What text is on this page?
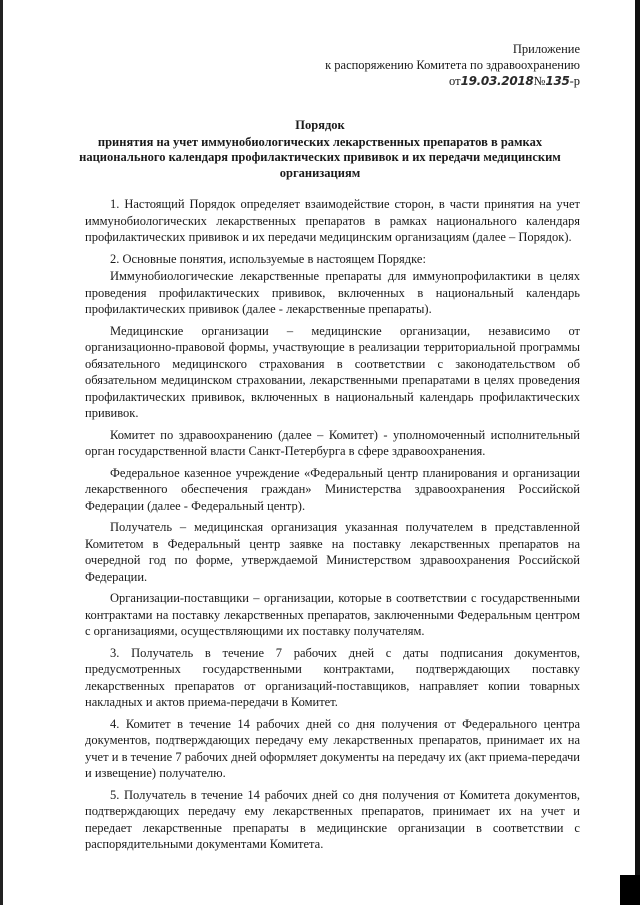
Приложение
к распоряжению Комитета по здравоохранению
от19.03.2018№135-р
Порядок
принятия на учет иммунобиологических лекарственных препаратов в рамках национального календаря профилактических прививок и их передачи медицинским организациям

1. Настоящий Порядок определяет взаимодействие сторон, в части принятия на учет иммунобиологических лекарственных препаратов в рамках национального календаря профилактических прививок и их передачи медицинским организациям (далее – Порядок).

2. Основные понятия, используемые в настоящем Порядке:

Иммунобиологические лекарственные препараты для иммунопрофилактики в целях проведения профилактических прививок, включенных в национальный календарь профилактических прививок (далее - лекарственные препараты).

Медицинские организации – медицинские организации, независимо от организационно-правовой формы, участвующие в реализации территориальной программы обязательного медицинского страхования в соответствии с законодательством об обязательном медицинском страховании, лекарственными препаратами в целях проведения профилактических прививок, включенных в национальный календарь профилактических прививок.

Комитет по здравоохранению (далее – Комитет) - уполномоченный исполнительный орган государственной власти Санкт-Петербурга в сфере здравоохранения.

Федеральное казенное учреждение «Федеральный центр планирования и организации лекарственного обеспечения граждан» Министерства здравоохранения Российской Федерации (далее - Федеральный центр).

Получатель – медицинская организация указанная получателем в представленной Комитетом в Федеральный центр заявке на поставку лекарственных препаратов на очередной год по форме, утверждаемой Министерством здравоохранения Российской Федерации.

Организации-поставщики – организации, которые в соответствии с государственными контрактами на поставку лекарственных препаратов, заключенными Федеральным центром с организациями, осуществляющими их поставку получателям.

3. Получатель в течение 7 рабочих дней с даты подписания документов, предусмотренных государственными контрактами, подтверждающих поставку лекарственных препаратов от организаций-поставщиков, направляет копии товарных накладных и актов приема-передачи в Комитет.

4. Комитет в течение 14 рабочих дней со дня получения от Федерального центра документов, подтверждающих передачу ему лекарственных препаратов, принимает их на учет и в течение 7 рабочих дней оформляет документы на передачу их (акт приема-передачи и извещение) получателю.

5. Получатель в течение 14 рабочих дней со дня получения от Комитета документов, подтверждающих передачу ему лекарственных препаратов, принимает их на учет и передает лекарственные препараты в медицинские организации в соответствии с распорядительными документами Комитета.
